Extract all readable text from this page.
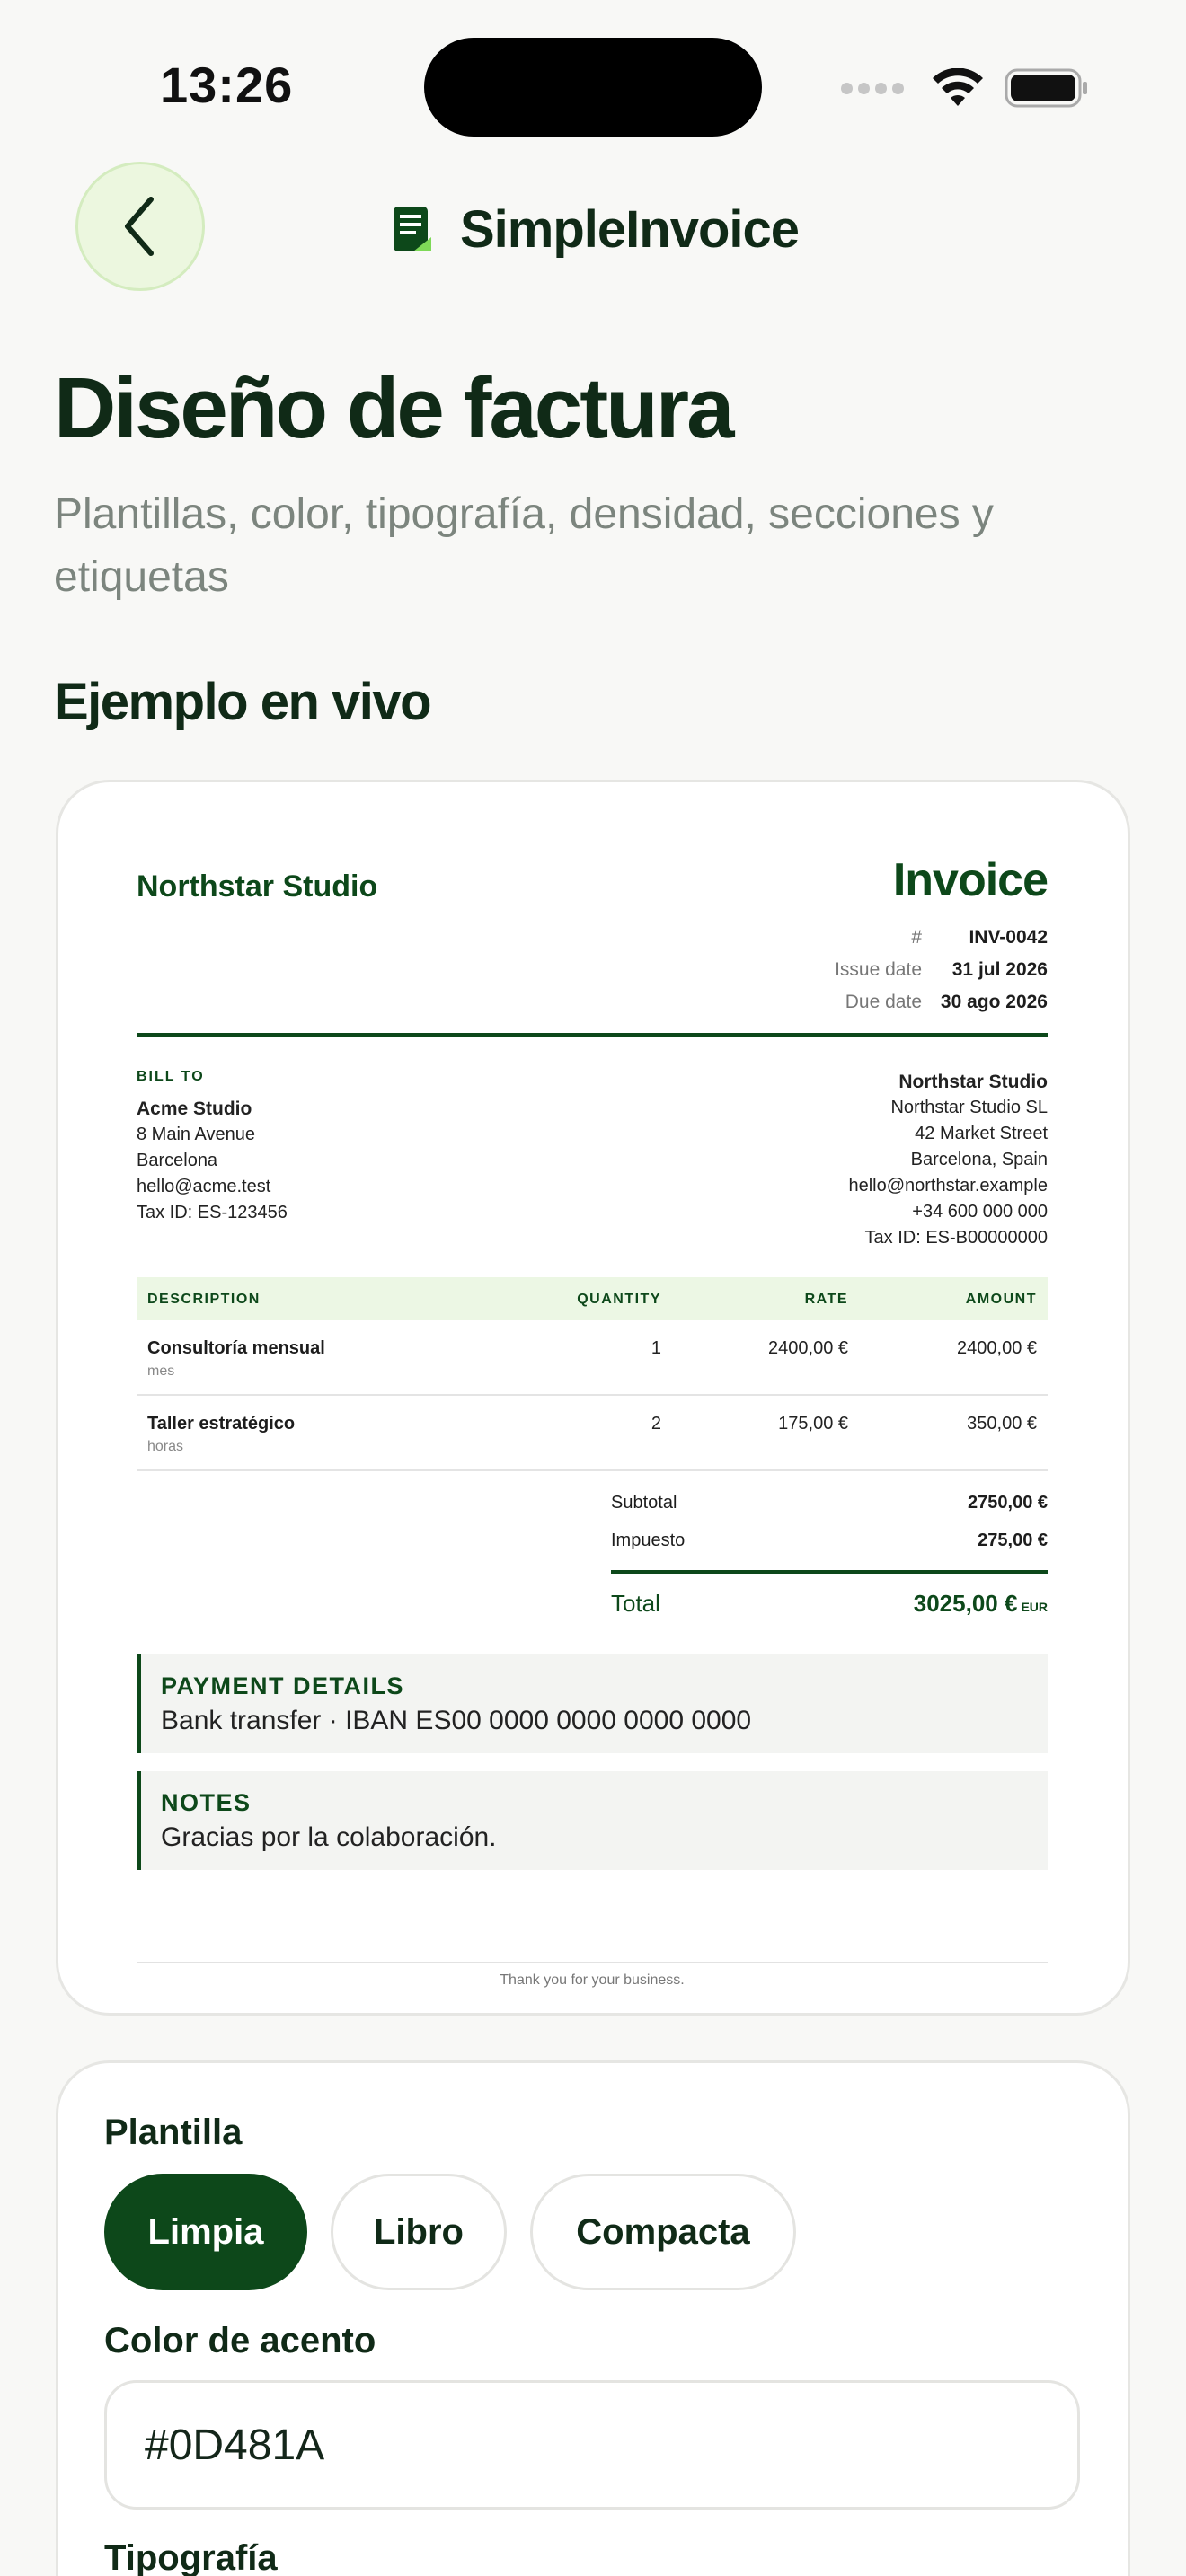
13:26
SimpleInvoice
Diseño de factura

Plantillas, color, tipografía, densidad, secciones y etiquetas

Ejemplo en vivo
Northstar Studio	Invoice
#	INV-0042
Issue date	31 jul 2026
Due date 30 ago 2026
BILL TO
Acme Studio
8 Main Avenue
Barcelona
hello@acme.test
Tax ID: ES-123456
Northstar Studio
Northstar Studio SL
42 Market Street
Barcelona, Spain
hello@northstar.example
+34 600 000 000
Tax ID: ES-B00000000
DESCRIPTION	QUANTITY	RATE	AMOUNT
Consultoría mensual
mes
1	2400,00 €	2400,00 €
Taller estratégico
horas
2	175,00 €	350,00 €
Subtotal	2750,00 €
Impuesto	275,00 €
Total	3025,00 € EUR
PAYMENT DETAILS
Bank transfer · IBAN ES00 0000 0000 0000 0000
NOTES
Gracias por la colaboración.
Thank you for your business.
Plantilla
Limpia	Libro	Compacta
Color de acento
#0D481A
Tipografía
